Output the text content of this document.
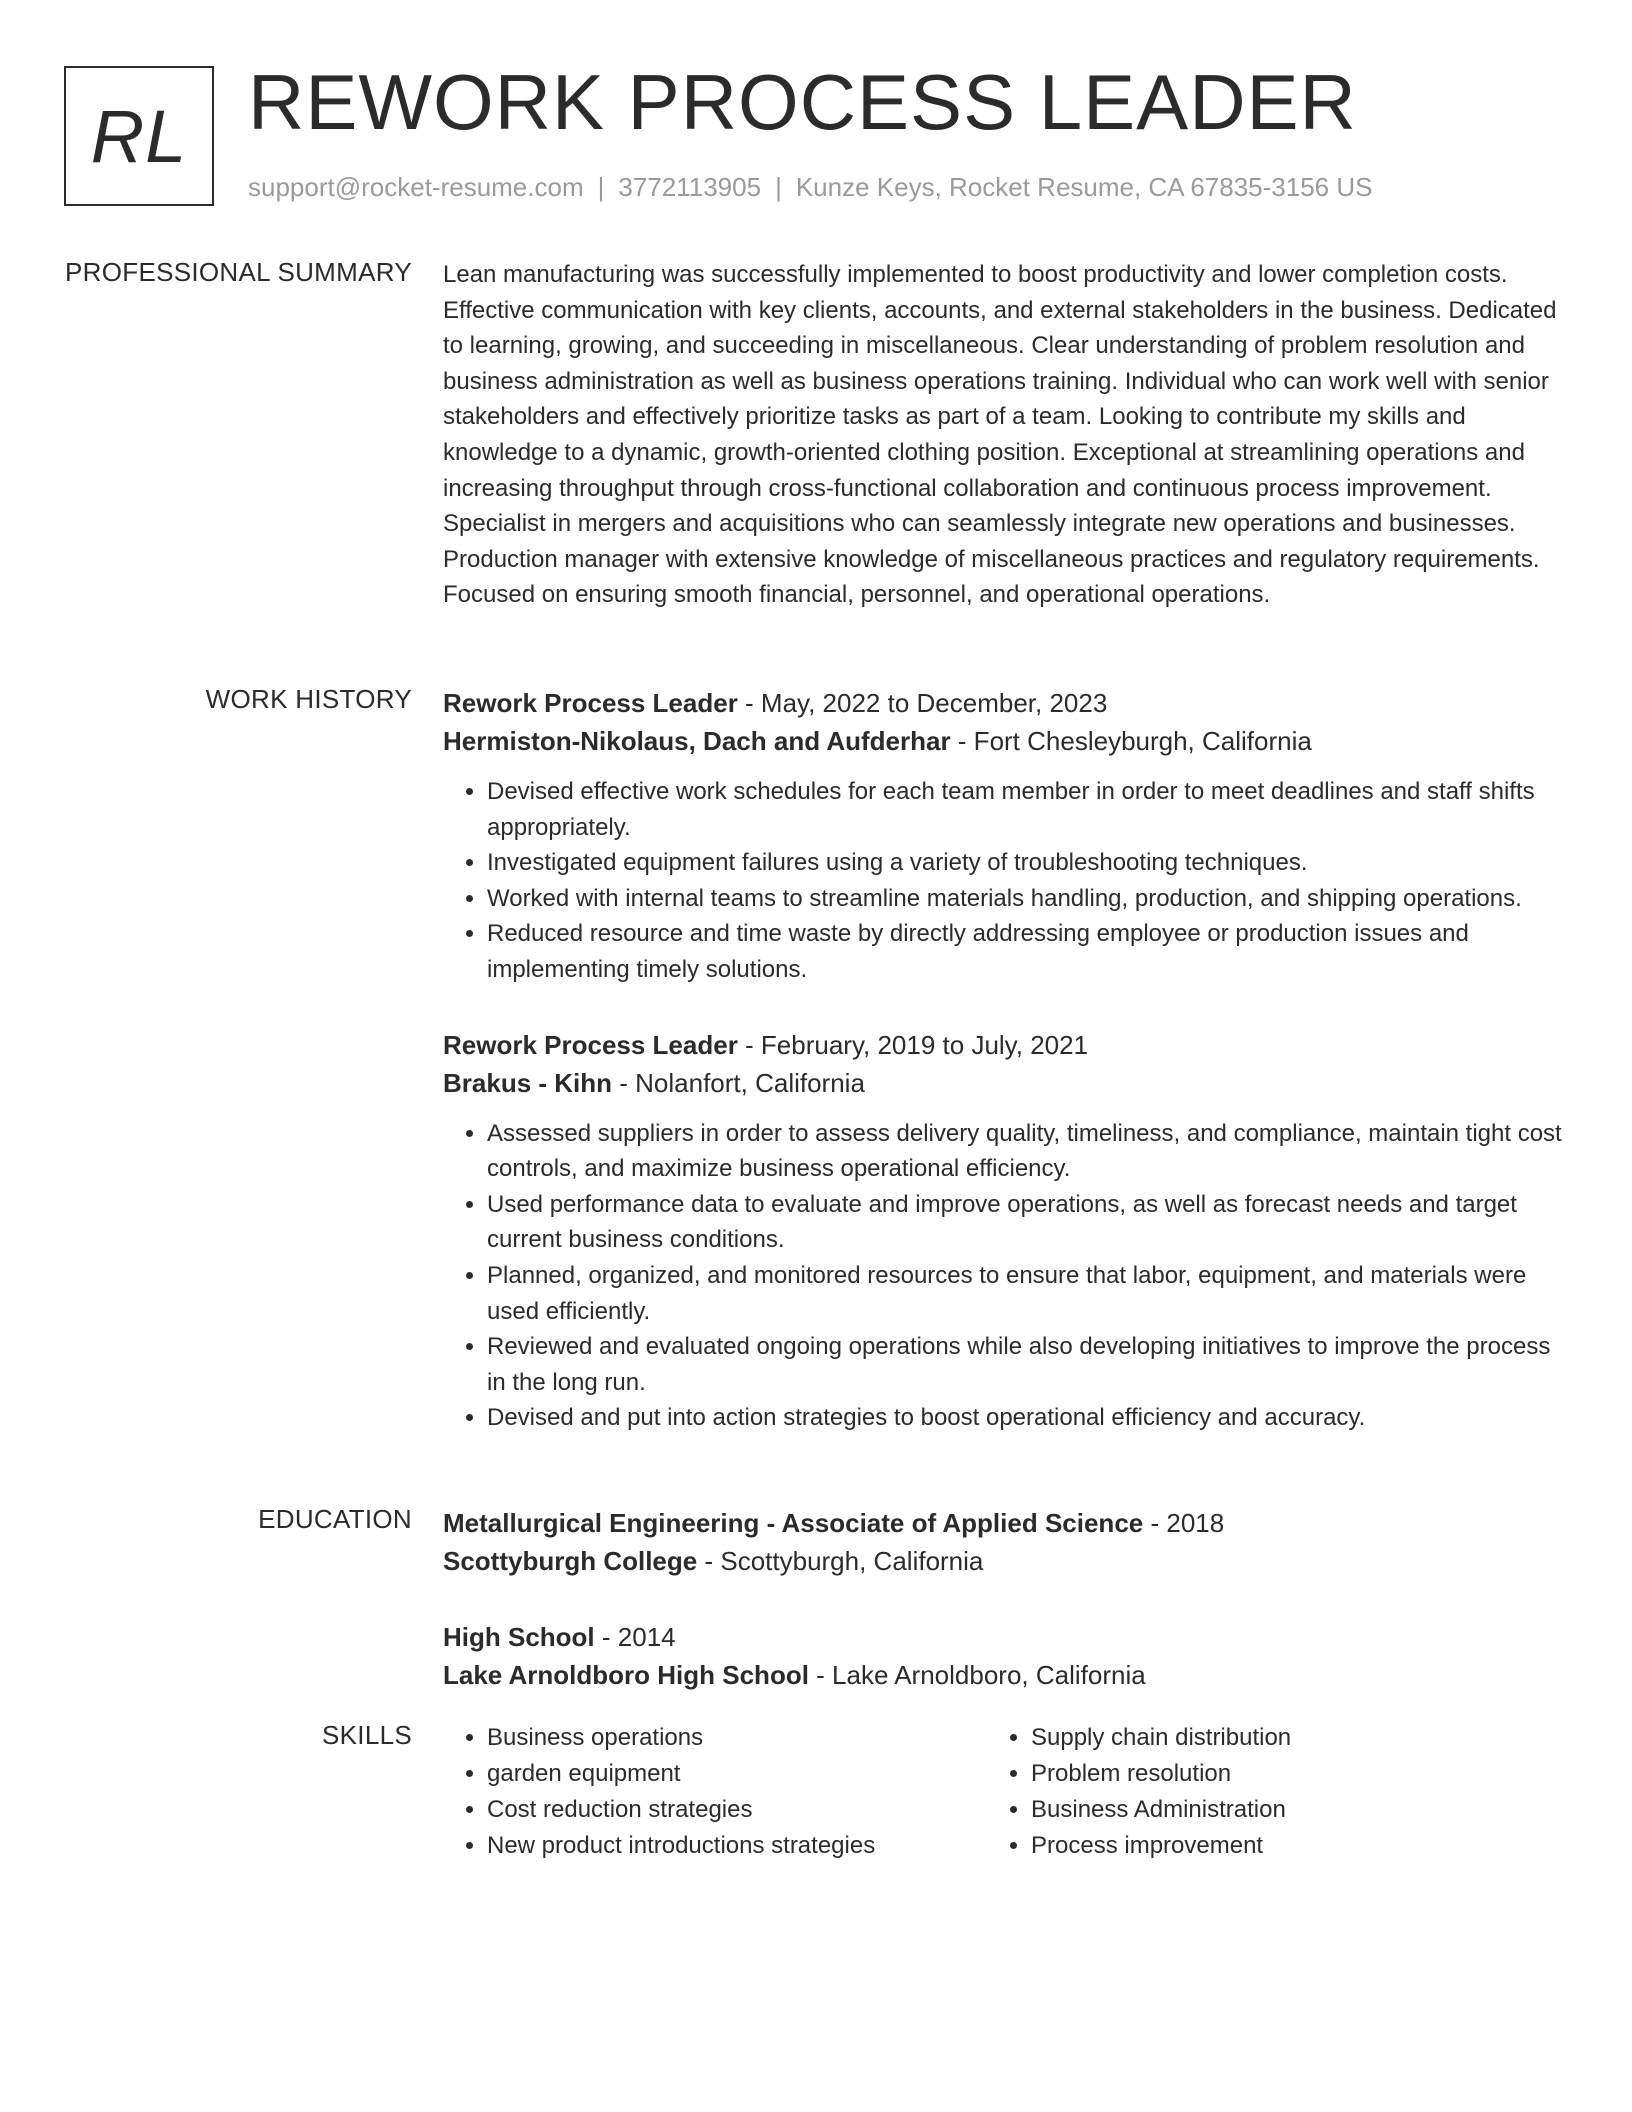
RL REWORK PROCESS LEADER
support@rocket-resume.com | 3772113905 | Kunze Keys, Rocket Resume, CA 67835-3156 US
PROFESSIONAL SUMMARY Lean manufacturing was successfully implemented to boost productivity and lower completion costs. Effective communication with key clients, accounts, and external stakeholders in the business. Dedicated to learning, growing, and succeeding in miscellaneous. Clear understanding of problem resolution and business administration as well as business operations training. Individual who can work well with senior stakeholders and effectively prioritize tasks as part of a team. Looking to contribute my skills and knowledge to a dynamic, growth-oriented clothing position. Exceptional at streamlining operations and increasing throughput through cross-functional collaboration and continuous process improvement. Specialist in mergers and acquisitions who can seamlessly integrate new operations and businesses. Production manager with extensive knowledge of miscellaneous practices and regulatory requirements. Focused on ensuring smooth financial, personnel, and operational operations.
WORK HISTORY Rework Process Leader - May, 2022 to December, 2023
Hermiston-Nikolaus, Dach and Aufderhar - Fort Chesleyburgh, California
• Devised effective work schedules for each team member in order to meet deadlines and staff shifts appropriately.
• Investigated equipment failures using a variety of troubleshooting techniques.
• Worked with internal teams to streamline materials handling, production, and shipping operations.
• Reduced resource and time waste by directly addressing employee or production issues and implementing timely solutions.
Rework Process Leader - February, 2019 to July, 2021
Brakus - Kihn - Nolanfort, California
• Assessed suppliers in order to assess delivery quality, timeliness, and compliance, maintain tight cost controls, and maximize business operational efficiency.
• Used performance data to evaluate and improve operations, as well as forecast needs and target current business conditions.
• Planned, organized, and monitored resources to ensure that labor, equipment, and materials were used efficiently.
• Reviewed and evaluated ongoing operations while also developing initiatives to improve the process in the long run.
• Devised and put into action strategies to boost operational efficiency and accuracy.
EDUCATION Metallurgical Engineering - Associate of Applied Science - 2018
Scottyburgh College - Scottyburgh, California
High School - 2014
Lake Arnoldboro High School - Lake Arnoldboro, California
SKILLS
•	Business operations
• garden equipment
• Cost reduction strategies
• New product introductions strategies
• Supply chain distribution
• Problem resolution
• Business Administration
• Process improvement
